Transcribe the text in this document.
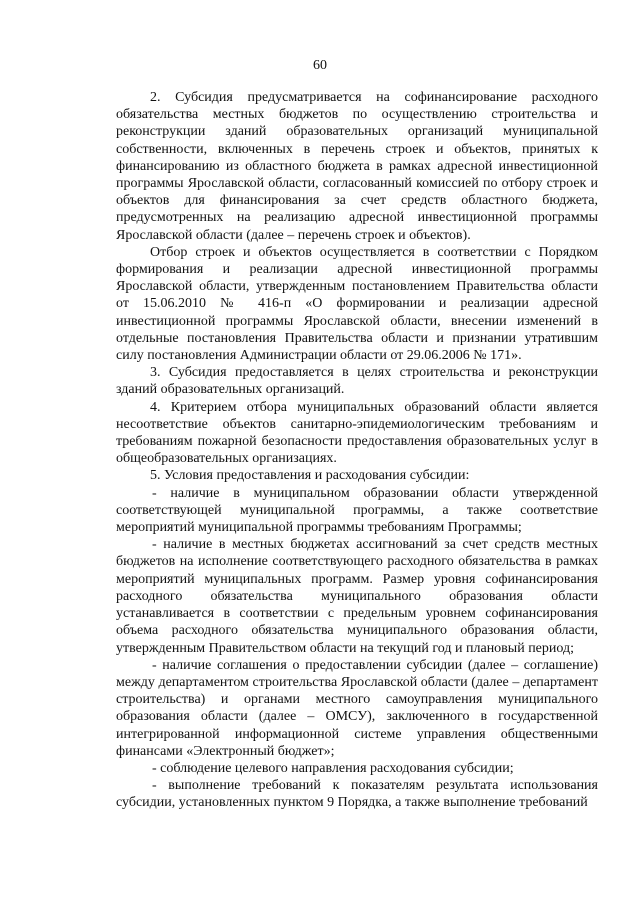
60

2. Субсидия предусматривается на софинансирование расходного обязательства местных бюджетов по осуществлению строительства и реконструкции зданий образовательных организаций муниципальной собственности, включенных в перечень строек и объектов, принятых к финансированию из областного бюджета в рамках адресной инвестиционной программы Ярославской области, согласованный комиссией по отбору строек и объектов для финансирования за счет средств областного бюджета, предусмотренных на реализацию адресной инвестиционной программы Ярославской области (далее – перечень строек и объектов).

Отбор строек и объектов осуществляется в соответствии с Порядком формирования и реализации адресной инвестиционной программы Ярославской области, утвержденным постановлением Правительства области от 15.06.2010 № 416-п «О формировании и реализации адресной инвестиционной программы Ярославской области, внесении изменений в отдельные постановления Правительства области и признании утратившим силу постановления Администрации области от 29.06.2006 № 171».

3. Субсидия предоставляется в целях строительства и реконструкции зданий образовательных организаций.

4. Критерием отбора муниципальных образований области является несоответствие объектов санитарно-эпидемиологическим требованиям и требованиям пожарной безопасности предоставления образовательных услуг в общеобразовательных организациях.

5. Условия предоставления и расходования субсидии:

- наличие в муниципальном образовании области утвержденной соответствующей муниципальной программы, а также соответствие мероприятий муниципальной программы требованиям Программы;

- наличие в местных бюджетах ассигнований за счет средств местных бюджетов на исполнение соответствующего расходного обязательства в рамках мероприятий муниципальных программ. Размер уровня софинансирования расходного обязательства муниципального образования области устанавливается в соответствии с предельным уровнем софинансирования объема расходного обязательства муниципального образования области, утвержденным Правительством области на текущий год и плановый период;

- наличие соглашения о предоставлении субсидии (далее – соглашение) между департаментом строительства Ярославской области (далее – департамент строительства) и органами местного самоуправления муниципального образования области (далее – ОМСУ), заключенного в государственной интегрированной информационной системе управления общественными финансами «Электронный бюджет»;

- соблюдение целевого направления расходования субсидии;

- выполнение требований к показателям результата использования субсидии, установленных пунктом 9 Порядка, а также выполнение требований
